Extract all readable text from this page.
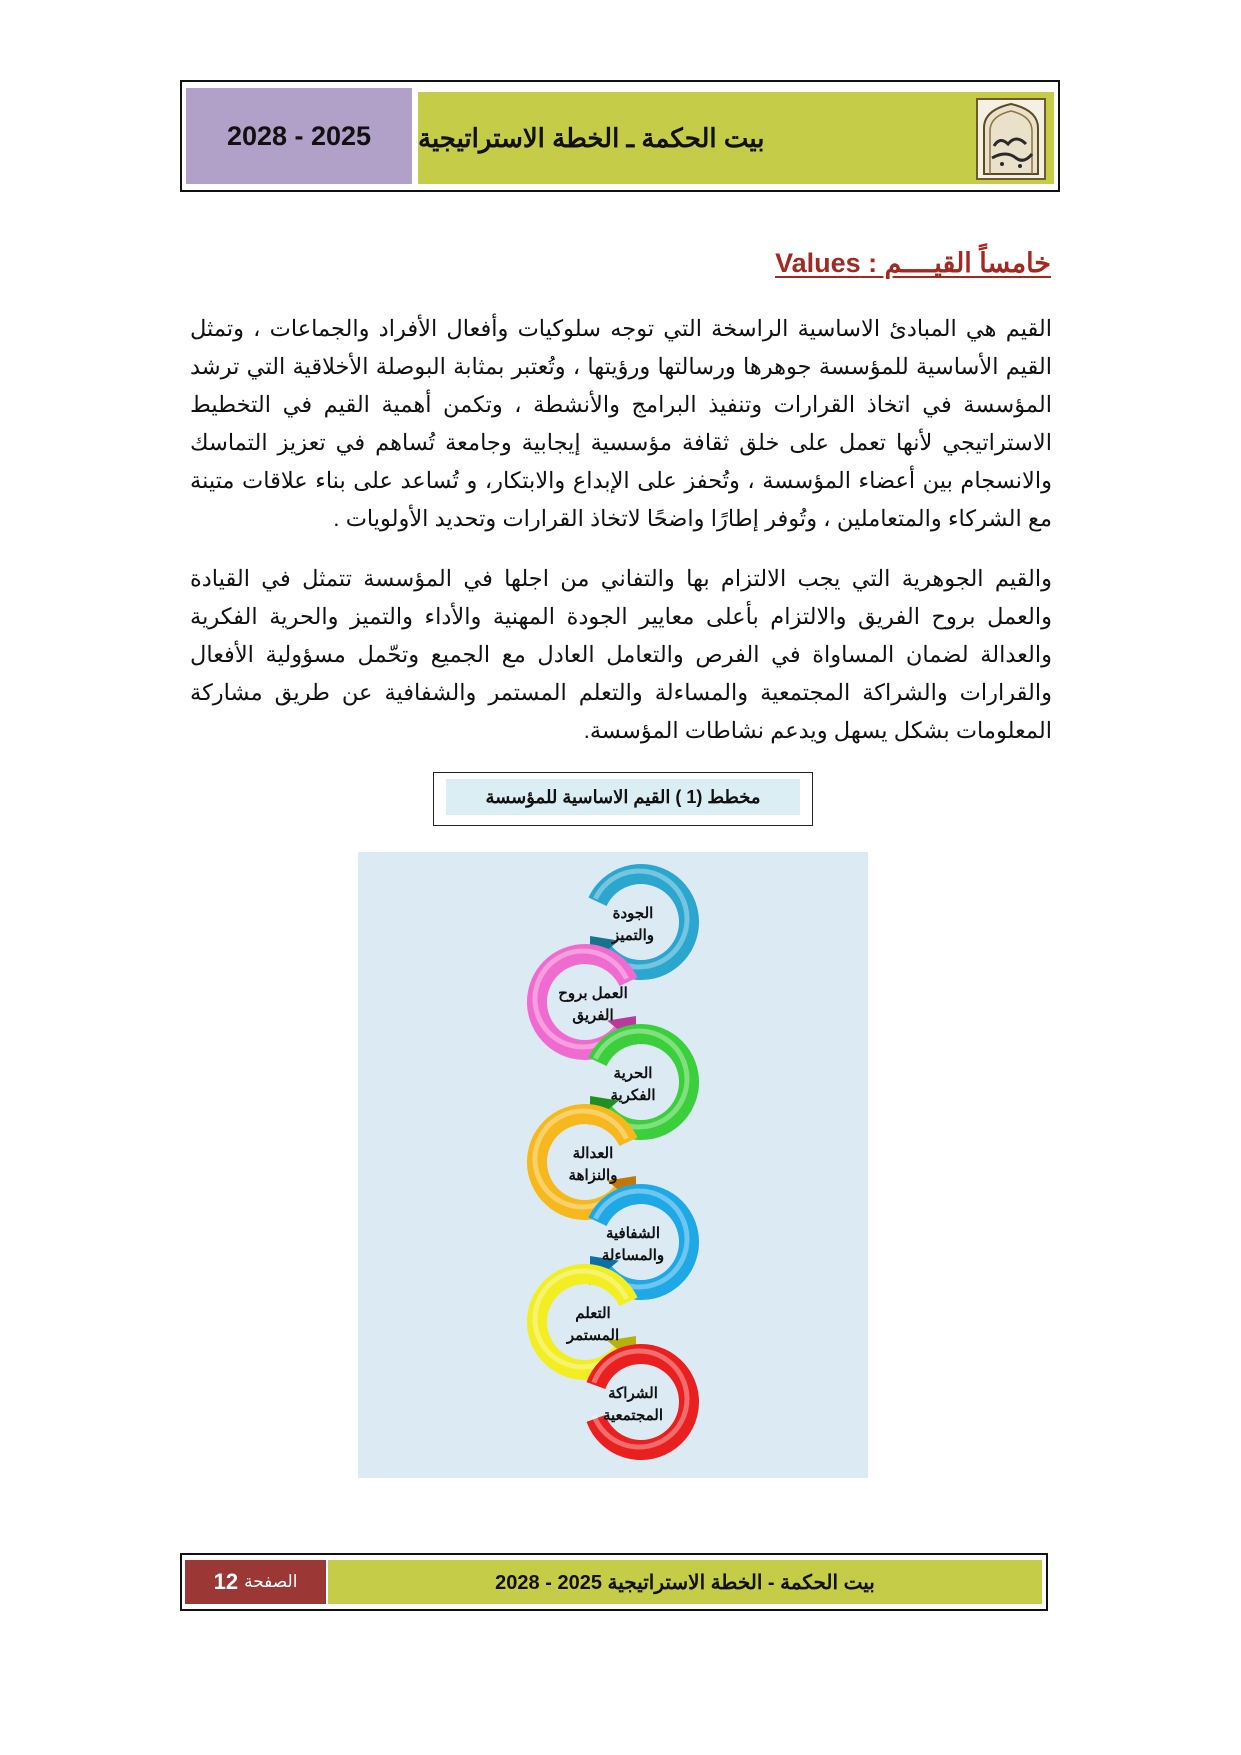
2028 - 2025	بيت الحكمة ـ الخطة الاستراتيجية
خامساً القيــــم : Values
القيم هي المبادئ الاساسية الراسخة التي توجه سلوكيات وأفعال الأفراد والجماعات ، وتمثل القيم الأساسية للمؤسسة جوهرها ورسالتها ورؤيتها ، وتُعتبر بمثابة البوصلة الأخلاقية التي ترشد المؤسسة في اتخاذ القرارات وتنفيذ البرامج والأنشطة ، وتكمن أهمية القيم في التخطيط الاستراتيجي لأنها تعمل على خلق ثقافة مؤسسية إيجابية وجامعة تُساهم في تعزيز التماسك والانسجام بين أعضاء المؤسسة ، وتُحفز على الإبداع والابتكار، و تُساعد على بناء علاقات متينة مع الشركاء والمتعاملين ، وتُوفر إطارًا واضحًا لاتخاذ القرارات وتحديد الأولويات .
والقيم الجوهرية التي يجب الالتزام بها والتفاني من اجلها في المؤسسة تتمثل في القيادة والعمل بروح الفريق والالتزام بأعلى معايير الجودة المهنية والأداء والتميز والحرية الفكرية والعدالة لضمان المساواة في الفرص والتعامل العادل مع الجميع وتحّمل مسؤولية الأفعال والقرارات والشراكة المجتمعية والمساءلة والتعلم المستمر والشفافية عن طريق مشاركة المعلومات بشكل يسهل ويدعم نشاطات المؤسسة.
مخطط (1 ) القيم الاساسية للمؤسسة
الجودة
والتميز
العمل بروح
الفريق
الحرية
الفكرية
العدالة
والنزاهة
الشفافية
والمساءلة
التعلم
المستمر
الشراكة
المجتمعية
الصفحة
12	بيت الحكمة - الخطة الاستراتيجية 2025 - 2028
